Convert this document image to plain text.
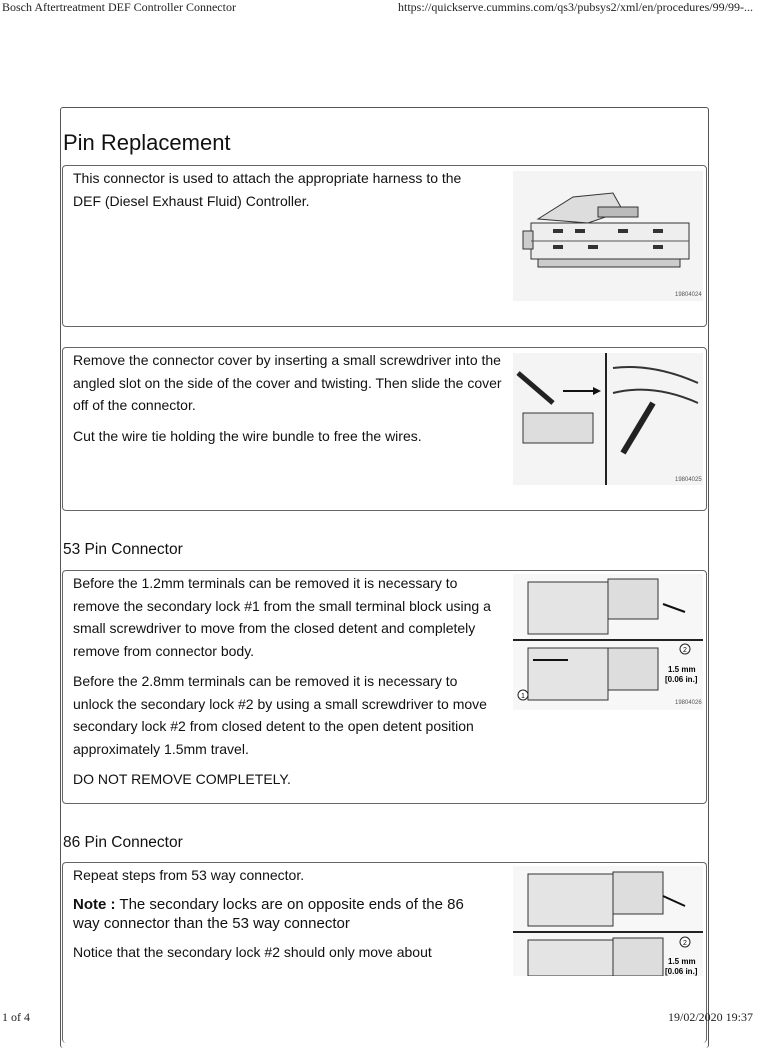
Bosch Aftertreatment DEF Controller Connector	https://quickserve.cummins.com/qs3/pubsys2/xml/en/procedures/99/99-...
Pin Replacement
This connector is used to attach the appropriate harness to the DEF (Diesel Exhaust Fluid) Controller.
19804024

Remove the connector cover by inserting a small screwdriver into the angled slot on the side of the cover and twisting. Then slide the cover off of the connector.

Cut the wire tie holding the wire bundle to free the wires.

19804025
53 Pin Connector

Before the 1.2mm terminals can be removed it is necessary to remove the secondary lock #1 from the small terminal block using a small screwdriver to move from the closed detent and completely remove from connector body.

Before the 2.8mm terminals can be removed it is necessary to unlock the secondary lock #2 by using a small screwdriver to move secondary lock #2 from closed detent to the open detent position approximately 1.5mm travel.

DO NOT REMOVE COMPLETELY.

1
2
1.5 mm
[0.06 in.]
19804026
86 Pin Connector

Repeat steps from 53 way connector.

Note : The secondary locks are on opposite ends of the 86 way connector than the 53 way connector

Notice that the secondary lock #2 should only move about	2
1.5 mm
[0.06 in.]
1 of 4	19/02/2020 19:37
